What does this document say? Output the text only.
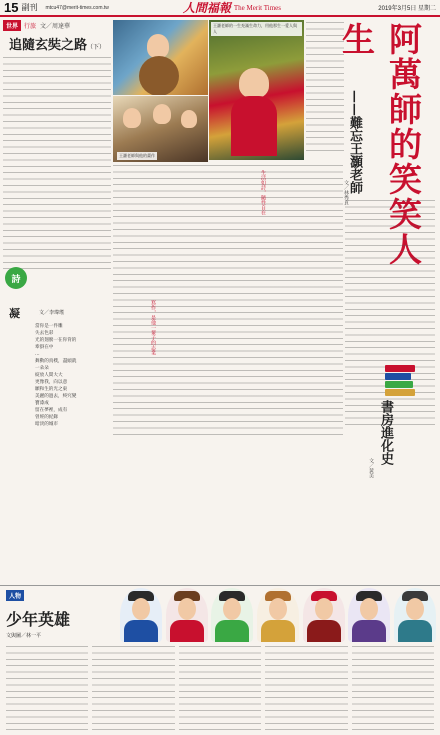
15 副刊 mtcu47@merit-times.com.tw	人間福報 The Merit Times	2019年3月5日 星期二
世界	行旅 文／周達華
追隨玄奘之路（下）
詩
凝	文／李瑋瑤
當你是一件雕
失去色彩
光的翅膀一在你背的
牽掛在中
…
舞動的真樸，盡頭就
一朵朵
綻放人間大大
更像我，向以意
願和生的光之東
美麗的過去，終究變
寶漆成
留在夢裡，成有
曾經的紀錄
暗淡的城市
王灝老師與他的畫作
王灝老師的一生充滿生命力，用他那生一愛人與人	阿萬師的笑笑人生
——難忘王灝老師
文／林秀貞
生活如詩，隨性自在
寫作，是他一輩子的志業
書房進化史
文／黃美
人物
少年英雄
文與圖／林一平
